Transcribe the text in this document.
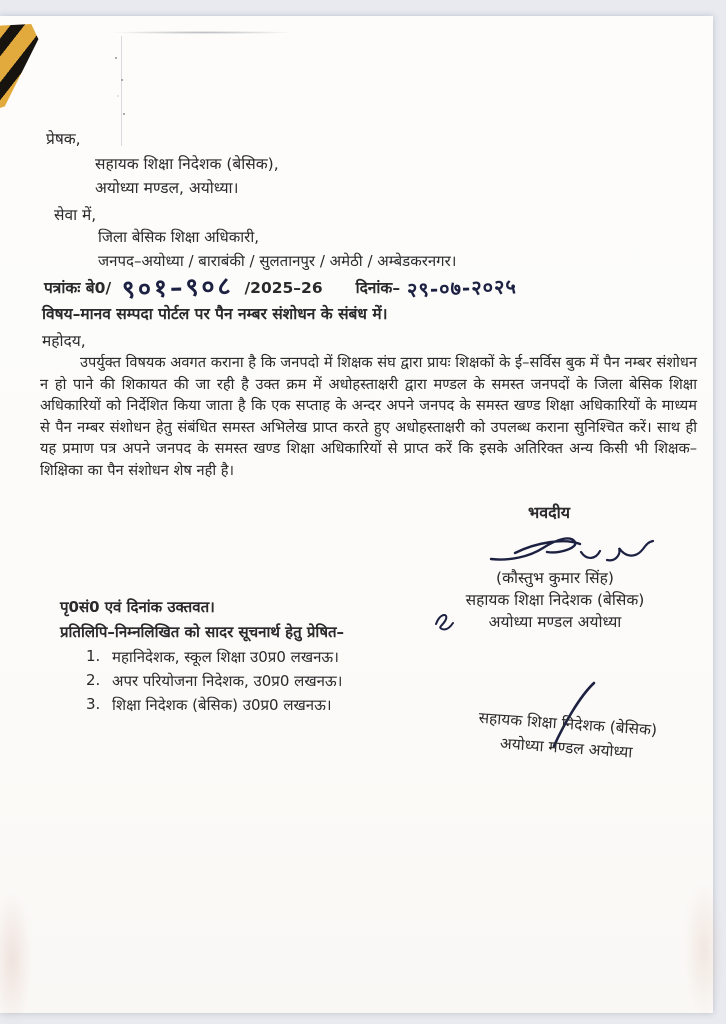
प्रेषक,
सहायक शिक्षा निदेशक (बेसिक),
अयोध्या मण्डल, अयोध्या।
सेवा में,
जिला बेसिक शिक्षा अधिकारी,
जनपद–अयोध्या / बाराबंकी / सुलतानपुर / अमेठी / अम्बेडकरनगर।
पत्रांकः बे0/ ९०१–९०८ /2025–26 दिनांक– २९-०७-२०२५
विषय–मानव सम्पदा पोर्टल पर पैन नम्बर संशोधन के संबंध में।
महोदय,
उपर्युक्त विषयक अवगत कराना है कि जनपदो में शिक्षक संघ द्वारा प्रायः शिक्षकों के ई–सर्विस बुक में पैन नम्बर संशोधन न हो पाने की शिकायत की जा रही है उक्त क्रम में अधोहस्ताक्षरी द्वारा मण्डल के समस्त जनपदों के जिला बेसिक शिक्षा अधिकारियों को निर्देशित किया जाता है कि एक सप्ताह के अन्दर अपने जनपद के समस्त खण्ड शिक्षा अधिकारियों के माध्यम से पैन नम्बर संशोधन हेतु संबंधित समस्त अभिलेख प्राप्त करते हुए अधोहस्ताक्षरी को उपलब्ध कराना सुनिश्चित करें। साथ ही यह प्रमाण पत्र अपने जनपद के समस्त खण्ड शिक्षा अधिकारियों से प्राप्त करें कि इसके अतिरिक्त अन्य किसी भी शिक्षक–शिक्षिका का पैन संशोधन शेष नही है।
भवदीय
(कौस्तुभ कुमार सिंह)
सहायक शिक्षा निदेशक (बेसिक)
अयोध्या मण्डल अयोध्या
पृ0सं0 एवं दिनांक उक्तवत।
प्रतिलिपि–निम्नलिखित को सादर सूचनार्थ हेतु प्रेषित–
1. महानिदेशक, स्कूल शिक्षा उ0प्र0 लखनऊ।
2. अपर परियोजना निदेशक, उ0प्र0 लखनऊ।
3. शिक्षा निदेशक (बेसिक) उ0प्र0 लखनऊ।
सहायक शिक्षा निदेशक (बेसिक)
अयोध्या मण्डल अयोध्या
